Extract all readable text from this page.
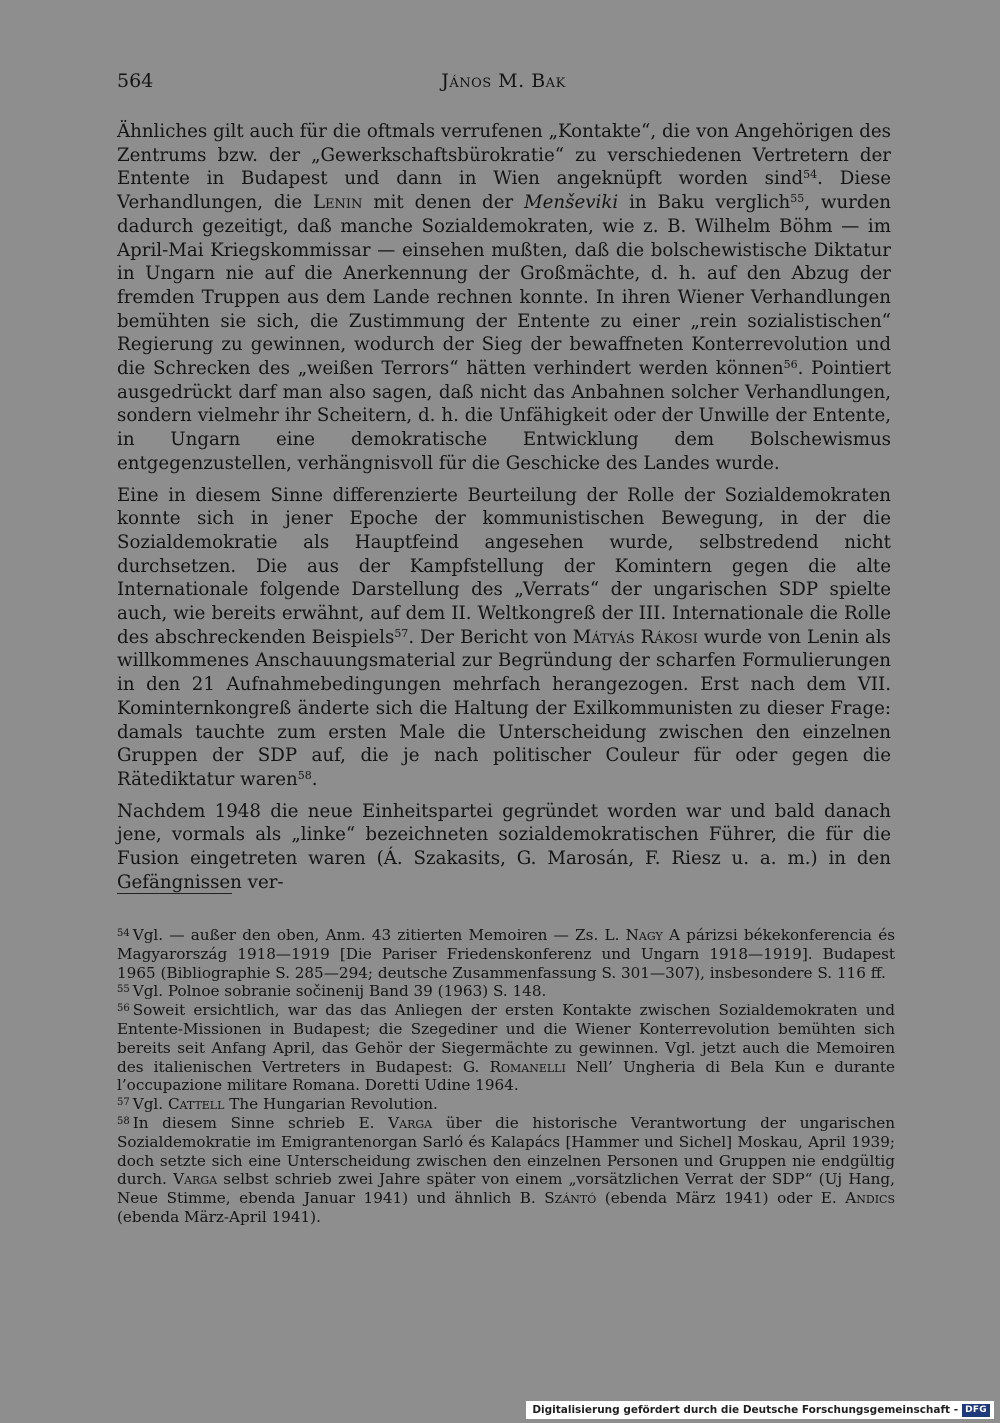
564	János M. Bak

Ähnliches gilt auch für die oftmals verrufenen „Kontakte“, die von Angehörigen des Zentrums bzw. der „Gewerkschaftsbürokratie“ zu verschiedenen Vertretern der Entente in Budapest und dann in Wien angeknüpft worden sind$^{54}$. Diese Verhandlungen, die Lenin mit denen der Menševiki in Baku verglich$^{55}$, wurden dadurch gezeitigt, daß manche Sozialdemokraten, wie z. B. Wilhelm Böhm — im April-Mai Kriegskommissar — einsehen mußten, daß die bolschewistische Diktatur in Ungarn nie auf die Anerkennung der Großmächte, d. h. auf den Abzug der fremden Truppen aus dem Lande rechnen konnte. In ihren Wiener Verhandlungen bemühten sie sich, die Zustimmung der Entente zu einer „rein sozialistischen“ Regierung zu gewinnen, wodurch der Sieg der bewaffneten Konterrevolution und die Schrecken des „weißen Terrors“ hätten verhindert werden können$^{56}$. Pointiert ausgedrückt darf man also sagen, daß nicht das Anbahnen solcher Verhandlungen, sondern vielmehr ihr Scheitern, d. h. die Unfähigkeit oder der Unwille der Entente, in Ungarn eine demokratische Entwicklung dem Bolschewismus entgegenzustellen, verhängnisvoll für die Geschicke des Landes wurde.

Eine in diesem Sinne differenzierte Beurteilung der Rolle der Sozialdemokraten konnte sich in jener Epoche der kommunistischen Bewegung, in der die Sozialdemokratie als Hauptfeind angesehen wurde, selbstredend nicht durchsetzen. Die aus der Kampfstellung der Komintern gegen die alte Internationale folgende Darstellung des „Verrats“ der ungarischen SDP spielte auch, wie bereits erwähnt, auf dem II. Weltkongreß der III. Internationale die Rolle des abschreckenden Beispiels$^{57}$. Der Bericht von Mátyás Rákosi wurde von Lenin als willkommenes Anschauungsmaterial zur Begründung der scharfen Formulierungen in den 21 Aufnahmebedingungen mehrfach herangezogen. Erst nach dem VII. Kominternkongreß änderte sich die Haltung der Exilkommunisten zu dieser Frage: damals tauchte zum ersten Male die Unterscheidung zwischen den einzelnen Gruppen der SDP auf, die je nach politischer Couleur für oder gegen die Rätediktatur waren$^{58}$.

Nachdem 1948 die neue Einheitspartei gegründet worden war und bald danach jene, vormals als „linke“ bezeichneten sozialdemokratischen Führer, die für die Fusion eingetreten waren (Á. Szakasits, G. Marosán, F. Riesz u. a. m.) in den Gefängnissen ver-

$^{54}$ Vgl. — außer den oben, Anm. 43 zitierten Memoiren — Zs. L. Nagy A párizsi békekonferencia és Magyarország 1918—1919 [Die Pariser Friedenskonferenz und Ungarn 1918—1919]. Budapest 1965 (Bibliographie S. 285—294; deutsche Zusammenfassung S. 301—307), insbesondere S. 116 ff.

$^{55}$ Vgl. Polnoe sobranie sočinenij Band 39 (1963) S. 148.

$^{56}$ Soweit ersichtlich, war das das Anliegen der ersten Kontakte zwischen Sozialdemokraten und Entente-Missionen in Budapest; die Szegediner und die Wiener Konterrevolution bemühten sich bereits seit Anfang April, das Gehör der Siegermächte zu gewinnen. Vgl. jetzt auch die Memoiren des italienischen Vertreters in Budapest: G. Romanelli Nell’ Ungheria di Bela Kun e durante l’occupazione militare Romana. Doretti Udine 1964.

$^{57}$ Vgl. Cattell The Hungarian Revolution.

$^{58}$ In diesem Sinne schrieb E. Varga über die historische Verantwortung der ungarischen Sozialdemokratie im Emigrantenorgan Sarló és Kalapács [Hammer und Sichel] Moskau, April 1939; doch setzte sich eine Unterscheidung zwischen den einzelnen Personen und Gruppen nie endgültig durch. Varga selbst schrieb zwei Jahre später von einem „vorsätzlichen Verrat der SDP“ (Uj Hang, Neue Stimme, ebenda Januar 1941) und ähnlich B. Szántó (ebenda März 1941) oder E. Andics (ebenda März-April 1941).

Digitalisierung gefördert durch die Deutsche Forschungsgemeinschaft - DFG
